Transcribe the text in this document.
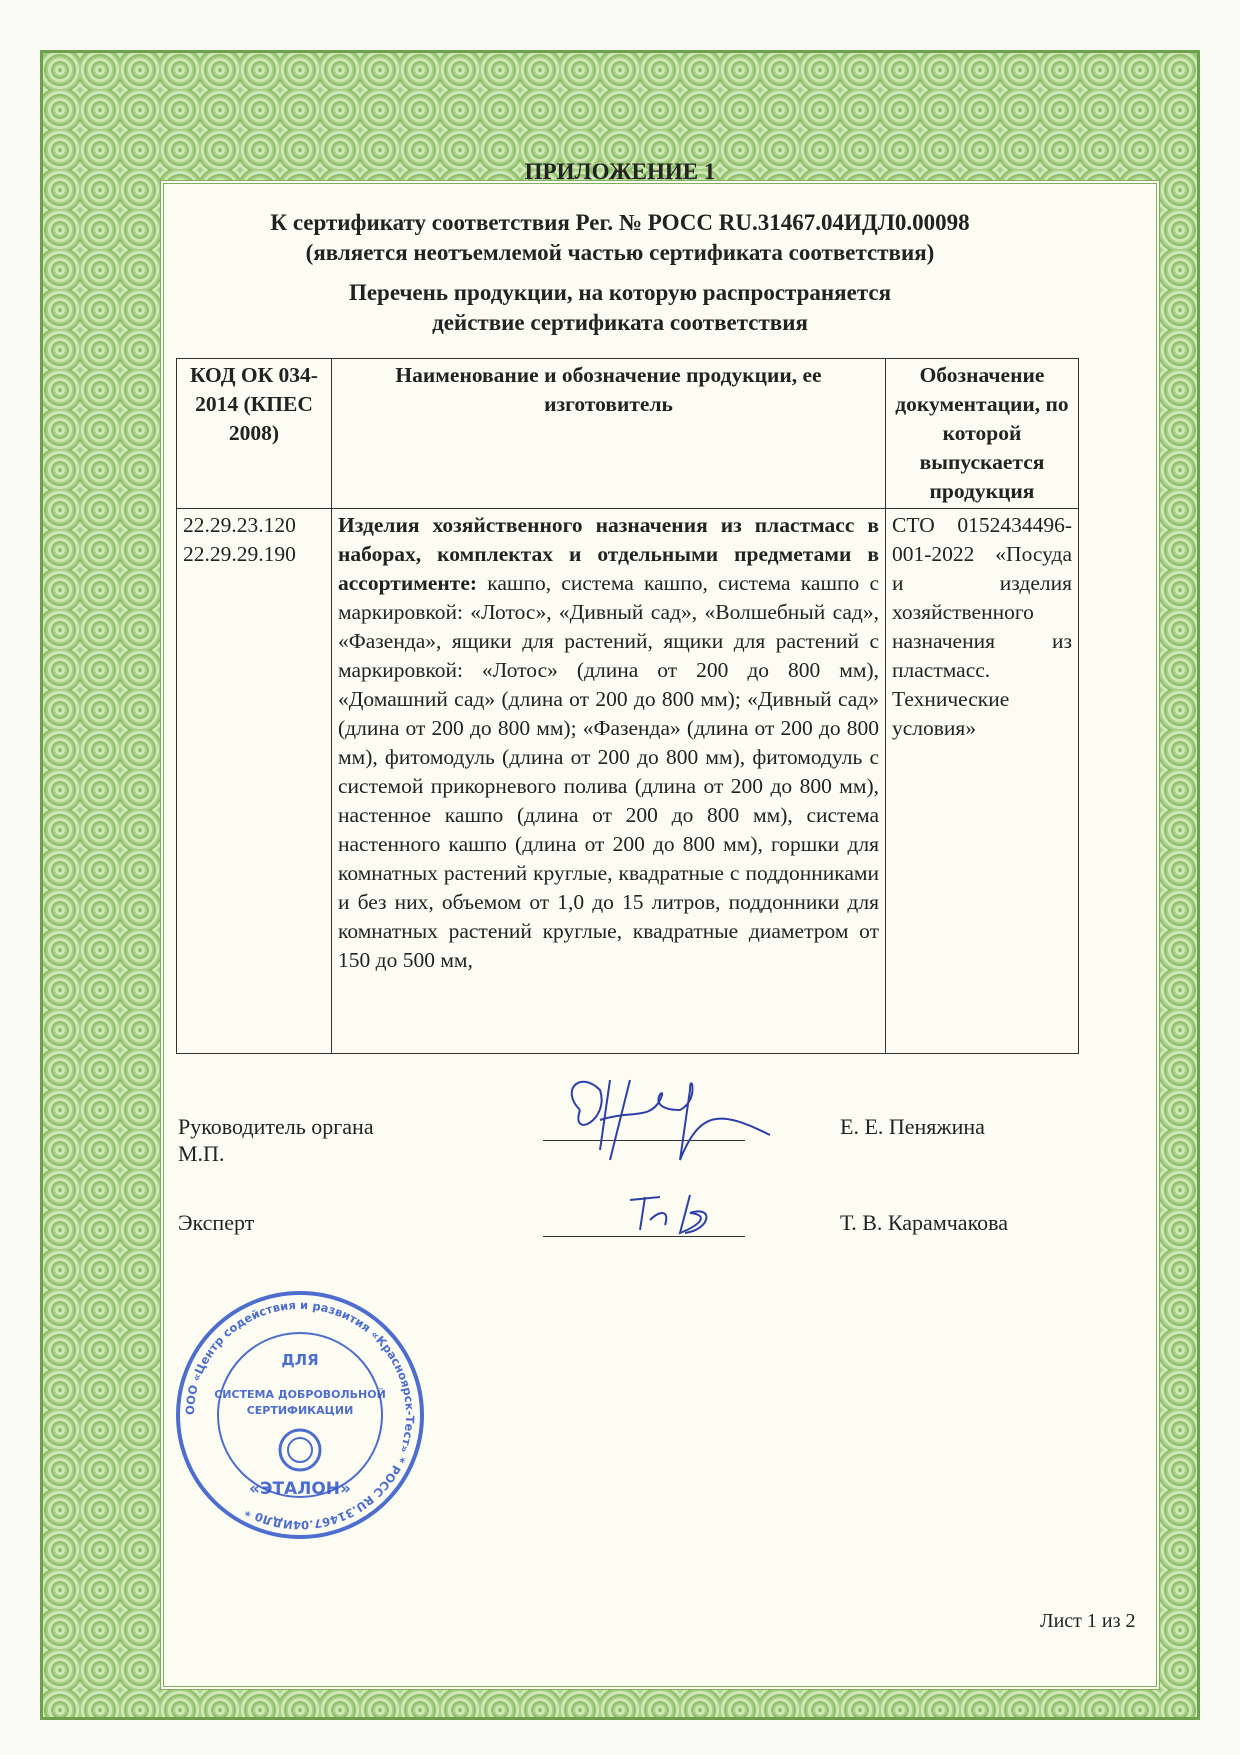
ПРИЛОЖЕНИЕ 1
К сертификату соответствия Рег. № РОСС RU.31467.04ИДЛ0.00098
(является неотъемлемой частью сертификата соответствия)
Перечень продукции, на которую распространяется
действие сертификата соответствия
КОД ОК 034-2014 (КПЕС 2008)	Наименование и обозначение продукции, ее изготовитель	Обозначение документации, по которой выпускается продукция

22.29.23.120
22.29.29.190	Изделия хозяйственного назначения из пластмасс в наборах, комплектах и отдельными предметами в ассортименте: кашпо, система кашпо, система кашпо с маркировкой: «Лотос», «Дивный сад», «Волшебный сад», «Фазенда», ящики для растений, ящики для растений с маркировкой: «Лотос» (длина от 200 до 800 мм), «Домашний сад» (длина от 200 до 800 мм); «Дивный сад» (длина от 200 до 800 мм); «Фазенда» (длина от 200 до 800 мм), фитомодуль (длина от 200 до 800 мм), фитомодуль с системой прикорневого полива (длина от 200 до 800 мм), настенное кашпо (длина от 200 до 800 мм), система настенного кашпо (длина от 200 до 800 мм), горшки для комнатных растений круглые, квадратные с поддонниками и без них, объемом от 1,0 до 15 литров, поддонники для комнатных растений круглые, квадратные диаметром от 150 до 500 мм,	СТО 0152434496-001-2022 «Посуда и изделия хозяйственного назначения из пластмасс. Технические условия»
ООО «Центр содействия и развития «Красноярск-Тест» * РОСС RU.31467.04ИДЛ0 *
ДЛЯ
СИСТЕМА ДОБРОВОЛЬНОЙ
СЕРТИФИКАЦИИ
«ЭТАЛОН»
Руководитель органа
М.П.
Е. Е. Пеняжина
Эксперт	Т. В. Карамчакова
Лист 1 из 2
